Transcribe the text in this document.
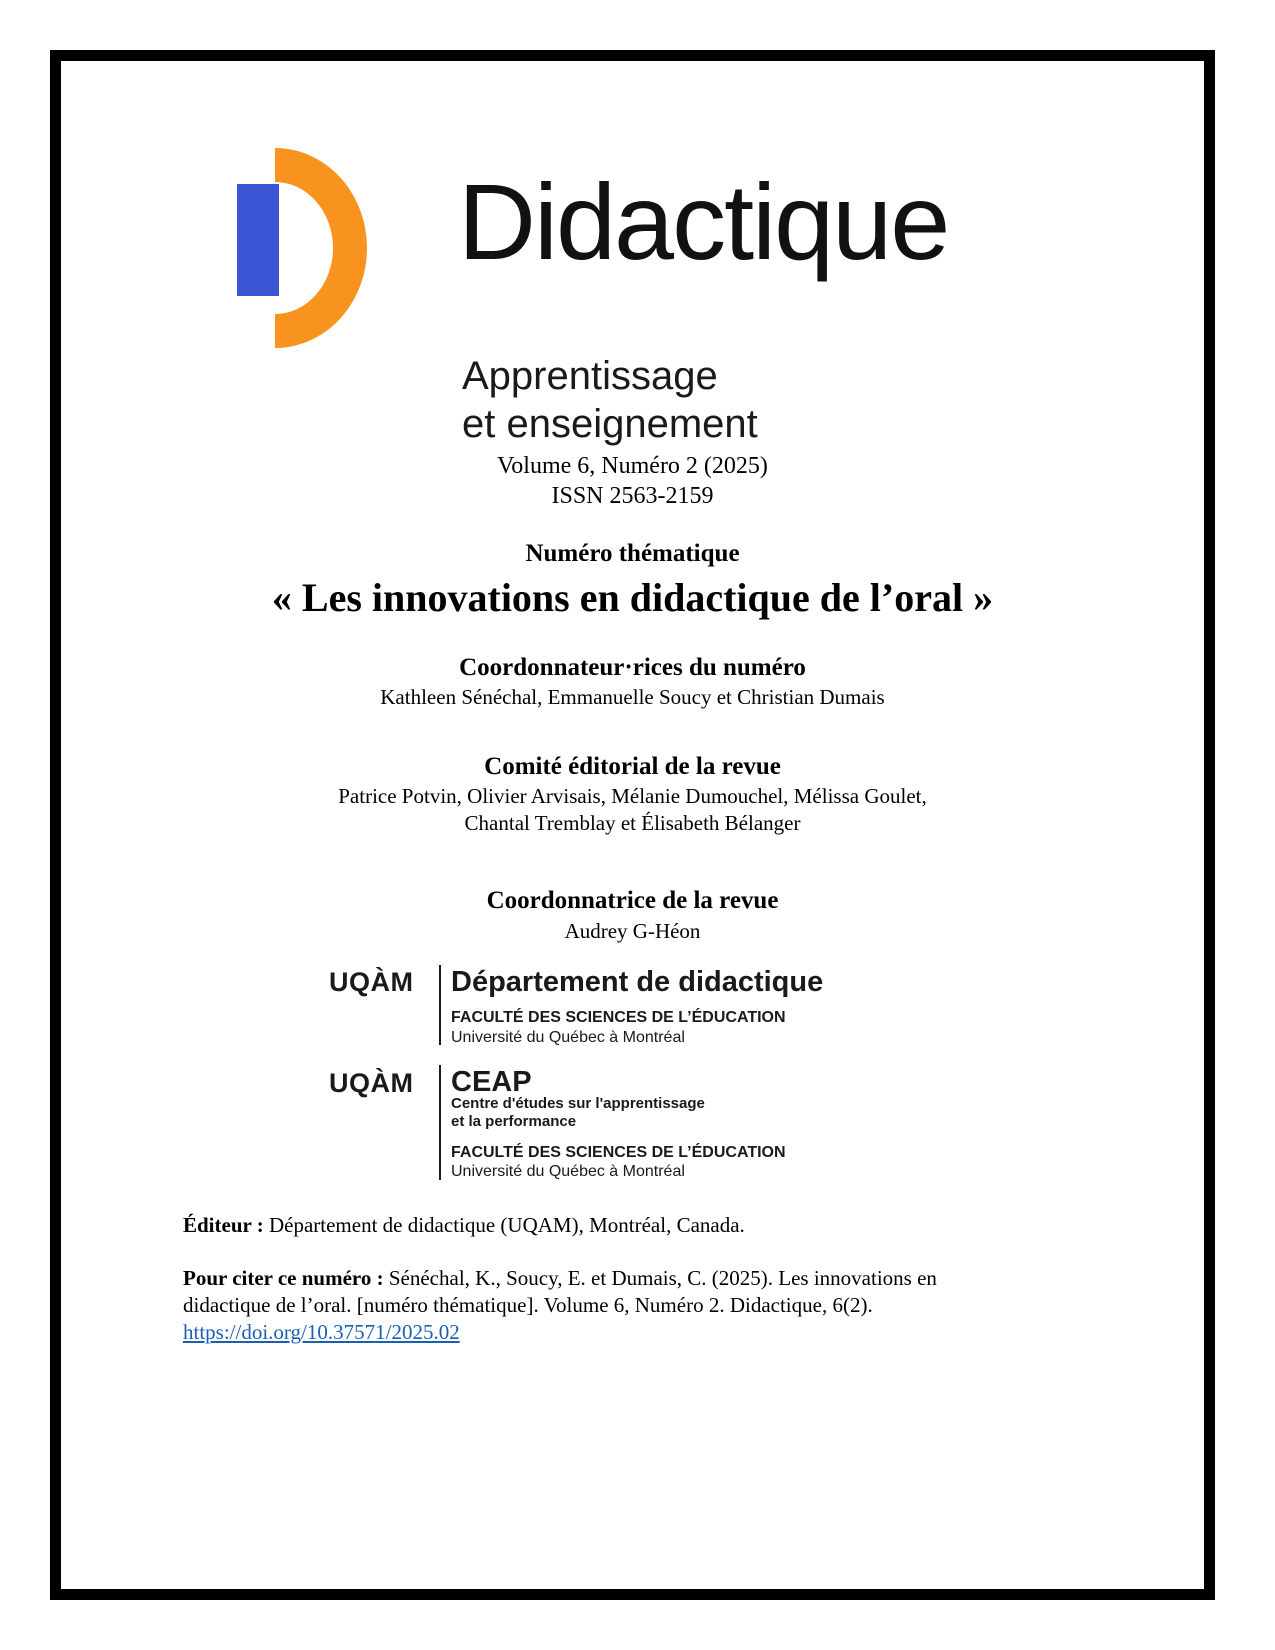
Didactique
Apprentissage
et enseignement
Volume 6, Numéro 2 (2025)
ISSN 2563-2159
Numéro thématique
« Les innovations en didactique de l’oral »
Coordonnateur·rices du numéro
Kathleen Sénéchal, Emmanuelle Soucy et Christian Dumais
Comité éditorial de la revue
Patrice Potvin, Olivier Arvisais, Mélanie Dumouchel, Mélissa Goulet,
Chantal Tremblay et Élisabeth Bélanger
Coordonnatrice de la revue
Audrey G-Héon
UQÀM Département de didactique
FACULTÉ DES SCIENCES DE L’ÉDUCATION
Université du Québec à Montréal
UQÀM CEAP
Centre d'études sur l'apprentissage
et la performance
FACULTÉ DES SCIENCES DE L’ÉDUCATION
Université du Québec à Montréal
Éditeur : Département de didactique (UQAM), Montréal, Canada.
Pour citer ce numéro : Sénéchal, K., Soucy, E. et Dumais, C. (2025). Les innovations en
didactique de l’oral. [numéro thématique]. Volume 6, Numéro 2. Didactique, 6(2).
https://doi.org/10.37571/2025.02
